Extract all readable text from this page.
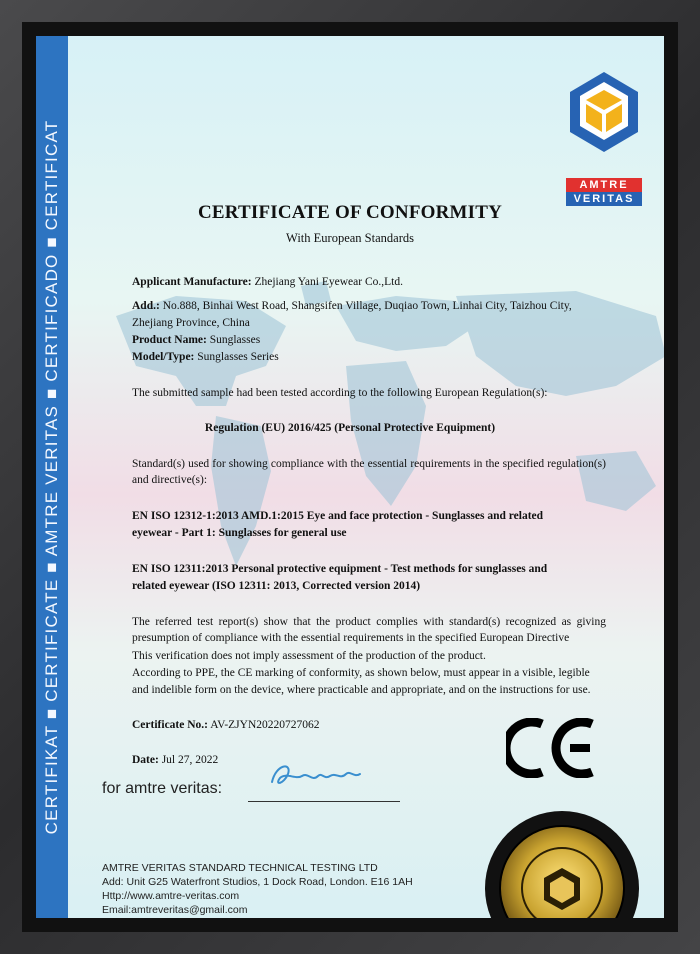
CERTIFIKAT ■ CERTIFICATE ■ AMTRE VERITAS ■ CERTIFICADO ■ CERTIFICAT	AMTRE
VERITAS
CERTIFICATE OF CONFORMITY
With European Standards
Applicant Manufacture: Zhejiang Yani Eyewear Co.,Ltd.
Add.: No.888, Binhai West Road, Shangsifen Village, Duqiao Town, Linhai City, Taizhou City,
Zhejiang Province, China
Product Name: Sunglasses
Model/Type: Sunglasses Series
The submitted sample had been tested according to the following European Regulation(s):
Regulation (EU) 2016/425 (Personal Protective Equipment)
Standard(s) used for showing compliance with the essential requirements in the specified regulation(s) and directive(s):
EN ISO 12312-1:2013 AMD.1:2015 Eye and face protection - Sunglasses and related
eyewear - Part 1: Sunglasses for general use
EN ISO 12311:2013 Personal protective equipment - Test methods for sunglasses and
related eyewear (ISO 12311: 2013, Corrected version 2014)
The referred test report(s) show that the product complies with standard(s) recognized as giving presumption of compliance with the essential requirements in the specified European Directive
This verification does not imply assessment of the production of the product.
According to PPE, the CE marking of conformity, as shown below, must appear in a visible, legible
and indelible form on the device, where practicable and appropriate, and on the instructions for use.
Certificate No.: AV-ZJYN20220727062
Date: Jul 27, 2022
for amtre veritas:
AMTRE VERITAS STANDARD TECHNICAL TESTING LTD
Add: Unit G25 Waterfront Studios, 1 Dock Road, London. E16 1AH
Http://www.amtre-veritas.com
Email:amtreveritas@gmail.com
